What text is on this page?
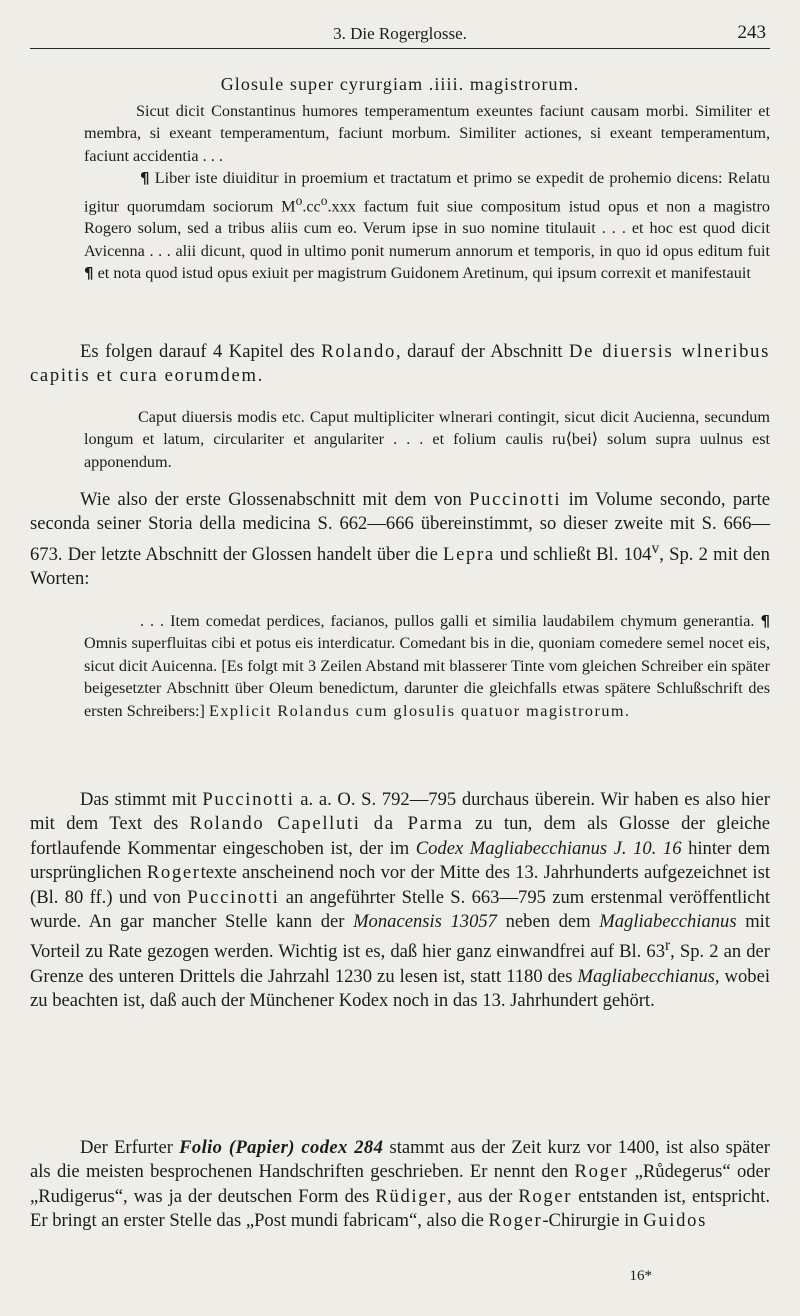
3. Die Rogerglosse.	243
Glosule super cyrurgiam .iiii. magistrorum.

Sicut dicit Constantinus humores temperamentum exeuntes faciunt causam morbi. Similiter et membra, si exeant temperamentum, faciunt morbum. Similiter actiones, si exeant temperamentum, faciunt accidentia . . .

¶ Liber iste diuiditur in proemium et tractatum et primo se expedit de prohemio dicens: Relatu igitur quorumdam sociorum $M^o.cc^o.xxx$ factum fuit siue compositum istud opus et non a magistro Rogero solum, sed a tribus aliis cum eo. Verum ipse in suo nomine titulauit . . . et hoc est quod dicit Avicenna . . . alii dicunt, quod in ultimo ponit numerum annorum et temporis, in quo id opus editum fuit ¶ et nota quod istud opus exiuit per magistrum Guidonem Aretinum, qui ipsum correxit et manifestauit

Es folgen darauf 4 Kapitel des Rolando, darauf der Abschnitt De diuersis wlneribus capitis et cura eorumdem.

Caput diuersis modis etc. Caput multipliciter wlnerari contingit, sicut dicit Aucienna, secundum longum et latum, circulariter et angulariter . . . et folium caulis ru⟨bei⟩ solum supra uulnus est apponendum.

Wie also der erste Glossenabschnitt mit dem von Puccinotti im Volume secondo, parte seconda seiner Storia della medicina S. 662—666 übereinstimmt, so dieser zweite mit S. 666—673. Der letzte Abschnitt der Glossen handelt über die Lepra und schließt Bl. 104$^v$, Sp. 2 mit den Worten:

. . . Item comedat perdices, facianos, pullos galli et similia laudabilem chymum generantia. ¶ Omnis superfluitas cibi et potus eis interdicatur. Comedant bis in die, quoniam comedere semel nocet eis, sicut dicit Auicenna. [Es folgt mit 3 Zeilen Abstand mit blasserer Tinte vom gleichen Schreiber ein später beigesetzter Abschnitt über Oleum benedictum, darunter die gleichfalls etwas spätere Schlußschrift des ersten Schreibers:] Explicit Rolandus cum glosulis quatuor magistrorum.

Das stimmt mit Puccinotti a. a. O. S. 792—795 durchaus überein. Wir haben es also hier mit dem Text des Rolando Capelluti da Parma zu tun, dem als Glosse der gleiche fortlaufende Kommentar eingeschoben ist, der im Codex Magliabecchianus J. 10. 16 hinter dem ursprünglichen Rogertexte anscheinend noch vor der Mitte des 13. Jahrhunderts aufgezeichnet ist (Bl. 80 ff.) und von Puccinotti an angeführter Stelle S. 663—795 zum erstenmal veröffentlicht wurde. An gar mancher Stelle kann der Monacensis 13057 neben dem Magliabecchianus mit Vorteil zu Rate gezogen werden. Wichtig ist es, daß hier ganz einwandfrei auf Bl. 63$^r$, Sp. 2 an der Grenze des unteren Drittels die Jahrzahl 1230 zu lesen ist, statt 1180 des Magliabecchianus, wobei zu beachten ist, daß auch der Münchener Kodex noch in das 13. Jahrhundert gehört.

Der Erfurter Folio (Papier) codex 284 stammt aus der Zeit kurz vor 1400, ist also später als die meisten besprochenen Handschriften geschrieben. Er nennt den Roger „Růdegerus“ oder „Rudigerus“, was ja der deutschen Form des Rüdiger, aus der Roger entstanden ist, entspricht. Er bringt an erster Stelle das „Post mundi fabricam“, also die Roger-Chirurgie in Guidos

16*
